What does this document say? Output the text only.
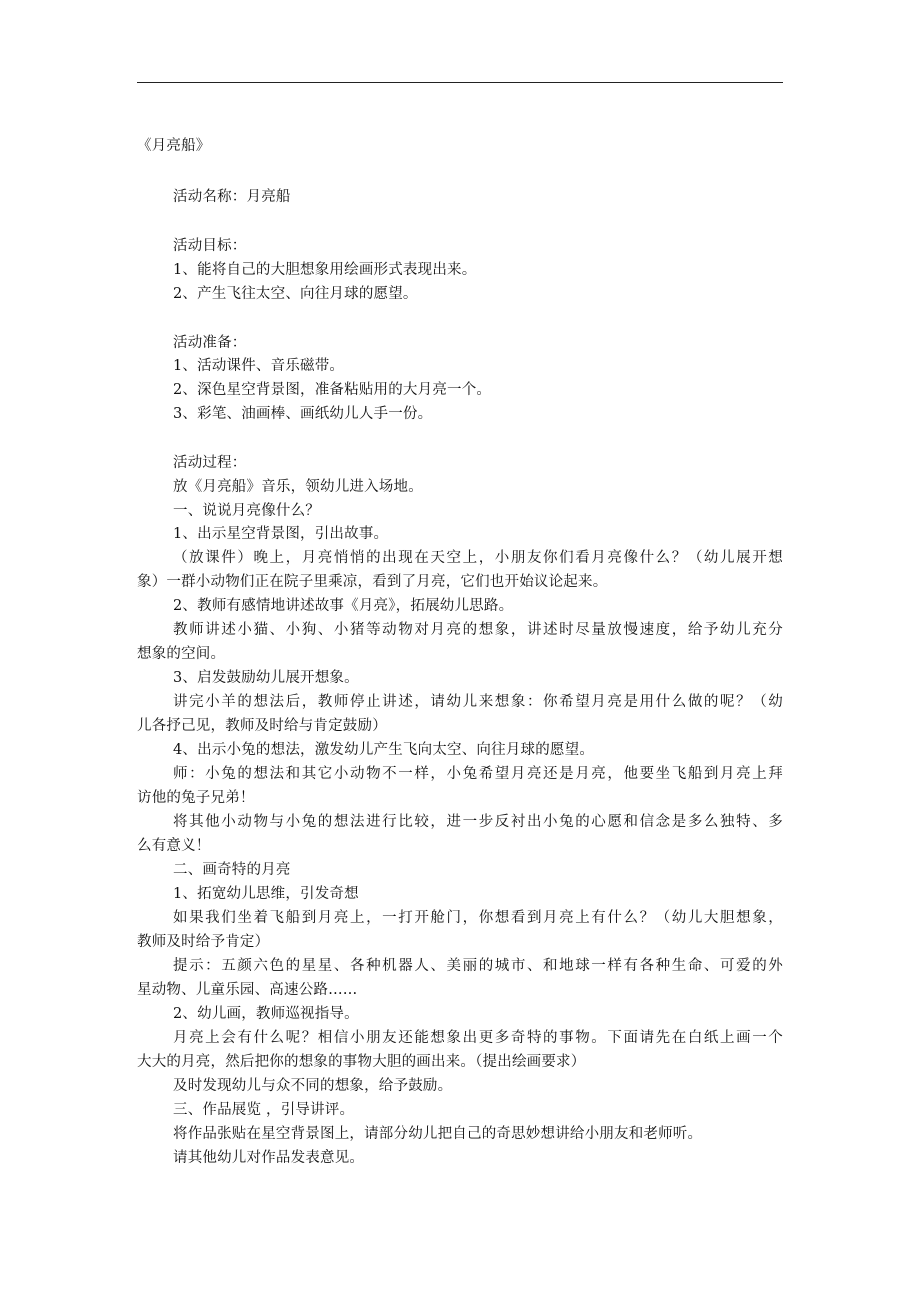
《月亮船》
活动名称：月亮船
活动目标：
1、能将自己的大胆想象用绘画形式表现出来。
2、产生飞往太空、向往月球的愿望。
活动准备：
1、活动课件、音乐磁带。
2、深色星空背景图，准备粘贴用的大月亮一个。
3、彩笔、油画棒、画纸幼儿人手一份。
活动过程：
放《月亮船》音乐，领幼儿进入场地。
一、说说月亮像什么？
1、出示星空背景图，引出故事。
（放课件）晚上，月亮悄悄的出现在天空上，小朋友你们看月亮像什么？（幼儿展开想
象）一群小动物们正在院子里乘凉，看到了月亮，它们也开始议论起来。
2、教师有感情地讲述故事《月亮》，拓展幼儿思路。
教师讲述小猫、小狗、小猪等动物对月亮的想象，讲述时尽量放慢速度，给予幼儿充分
想象的空间。
3、启发鼓励幼儿展开想象。
讲完小羊的想法后，教师停止讲述，请幼儿来想象：你希望月亮是用什么做的呢？（幼
儿各抒己见，教师及时给与肯定鼓励）
4、出示小兔的想法，激发幼儿产生飞向太空、向往月球的愿望。
师：小兔的想法和其它小动物不一样，小兔希望月亮还是月亮，他要坐飞船到月亮上拜
访他的兔子兄弟！
将其他小动物与小兔的想法进行比较，进一步反衬出小兔的心愿和信念是多么独特、多
么有意义！
二、画奇特的月亮
1、拓宽幼儿思维，引发奇想
如果我们坐着飞船到月亮上，一打开舱门，你想看到月亮上有什么？（幼儿大胆想象，
教师及时给予肯定）
提示：五颜六色的星星、各种机器人、美丽的城市、和地球一样有各种生命、可爱的外
星动物、儿童乐园、高速公路……
2、幼儿画，教师巡视指导。
月亮上会有什么呢？相信小朋友还能想象出更多奇特的事物。下面请先在白纸上画一个
大大的月亮，然后把你的想象的事物大胆的画出来。（提出绘画要求）
及时发现幼儿与众不同的想象，给予鼓励。
三、作品展览 ，引导讲评。
将作品张贴在星空背景图上，请部分幼儿把自己的奇思妙想讲给小朋友和老师听。
请其他幼儿对作品发表意见。
